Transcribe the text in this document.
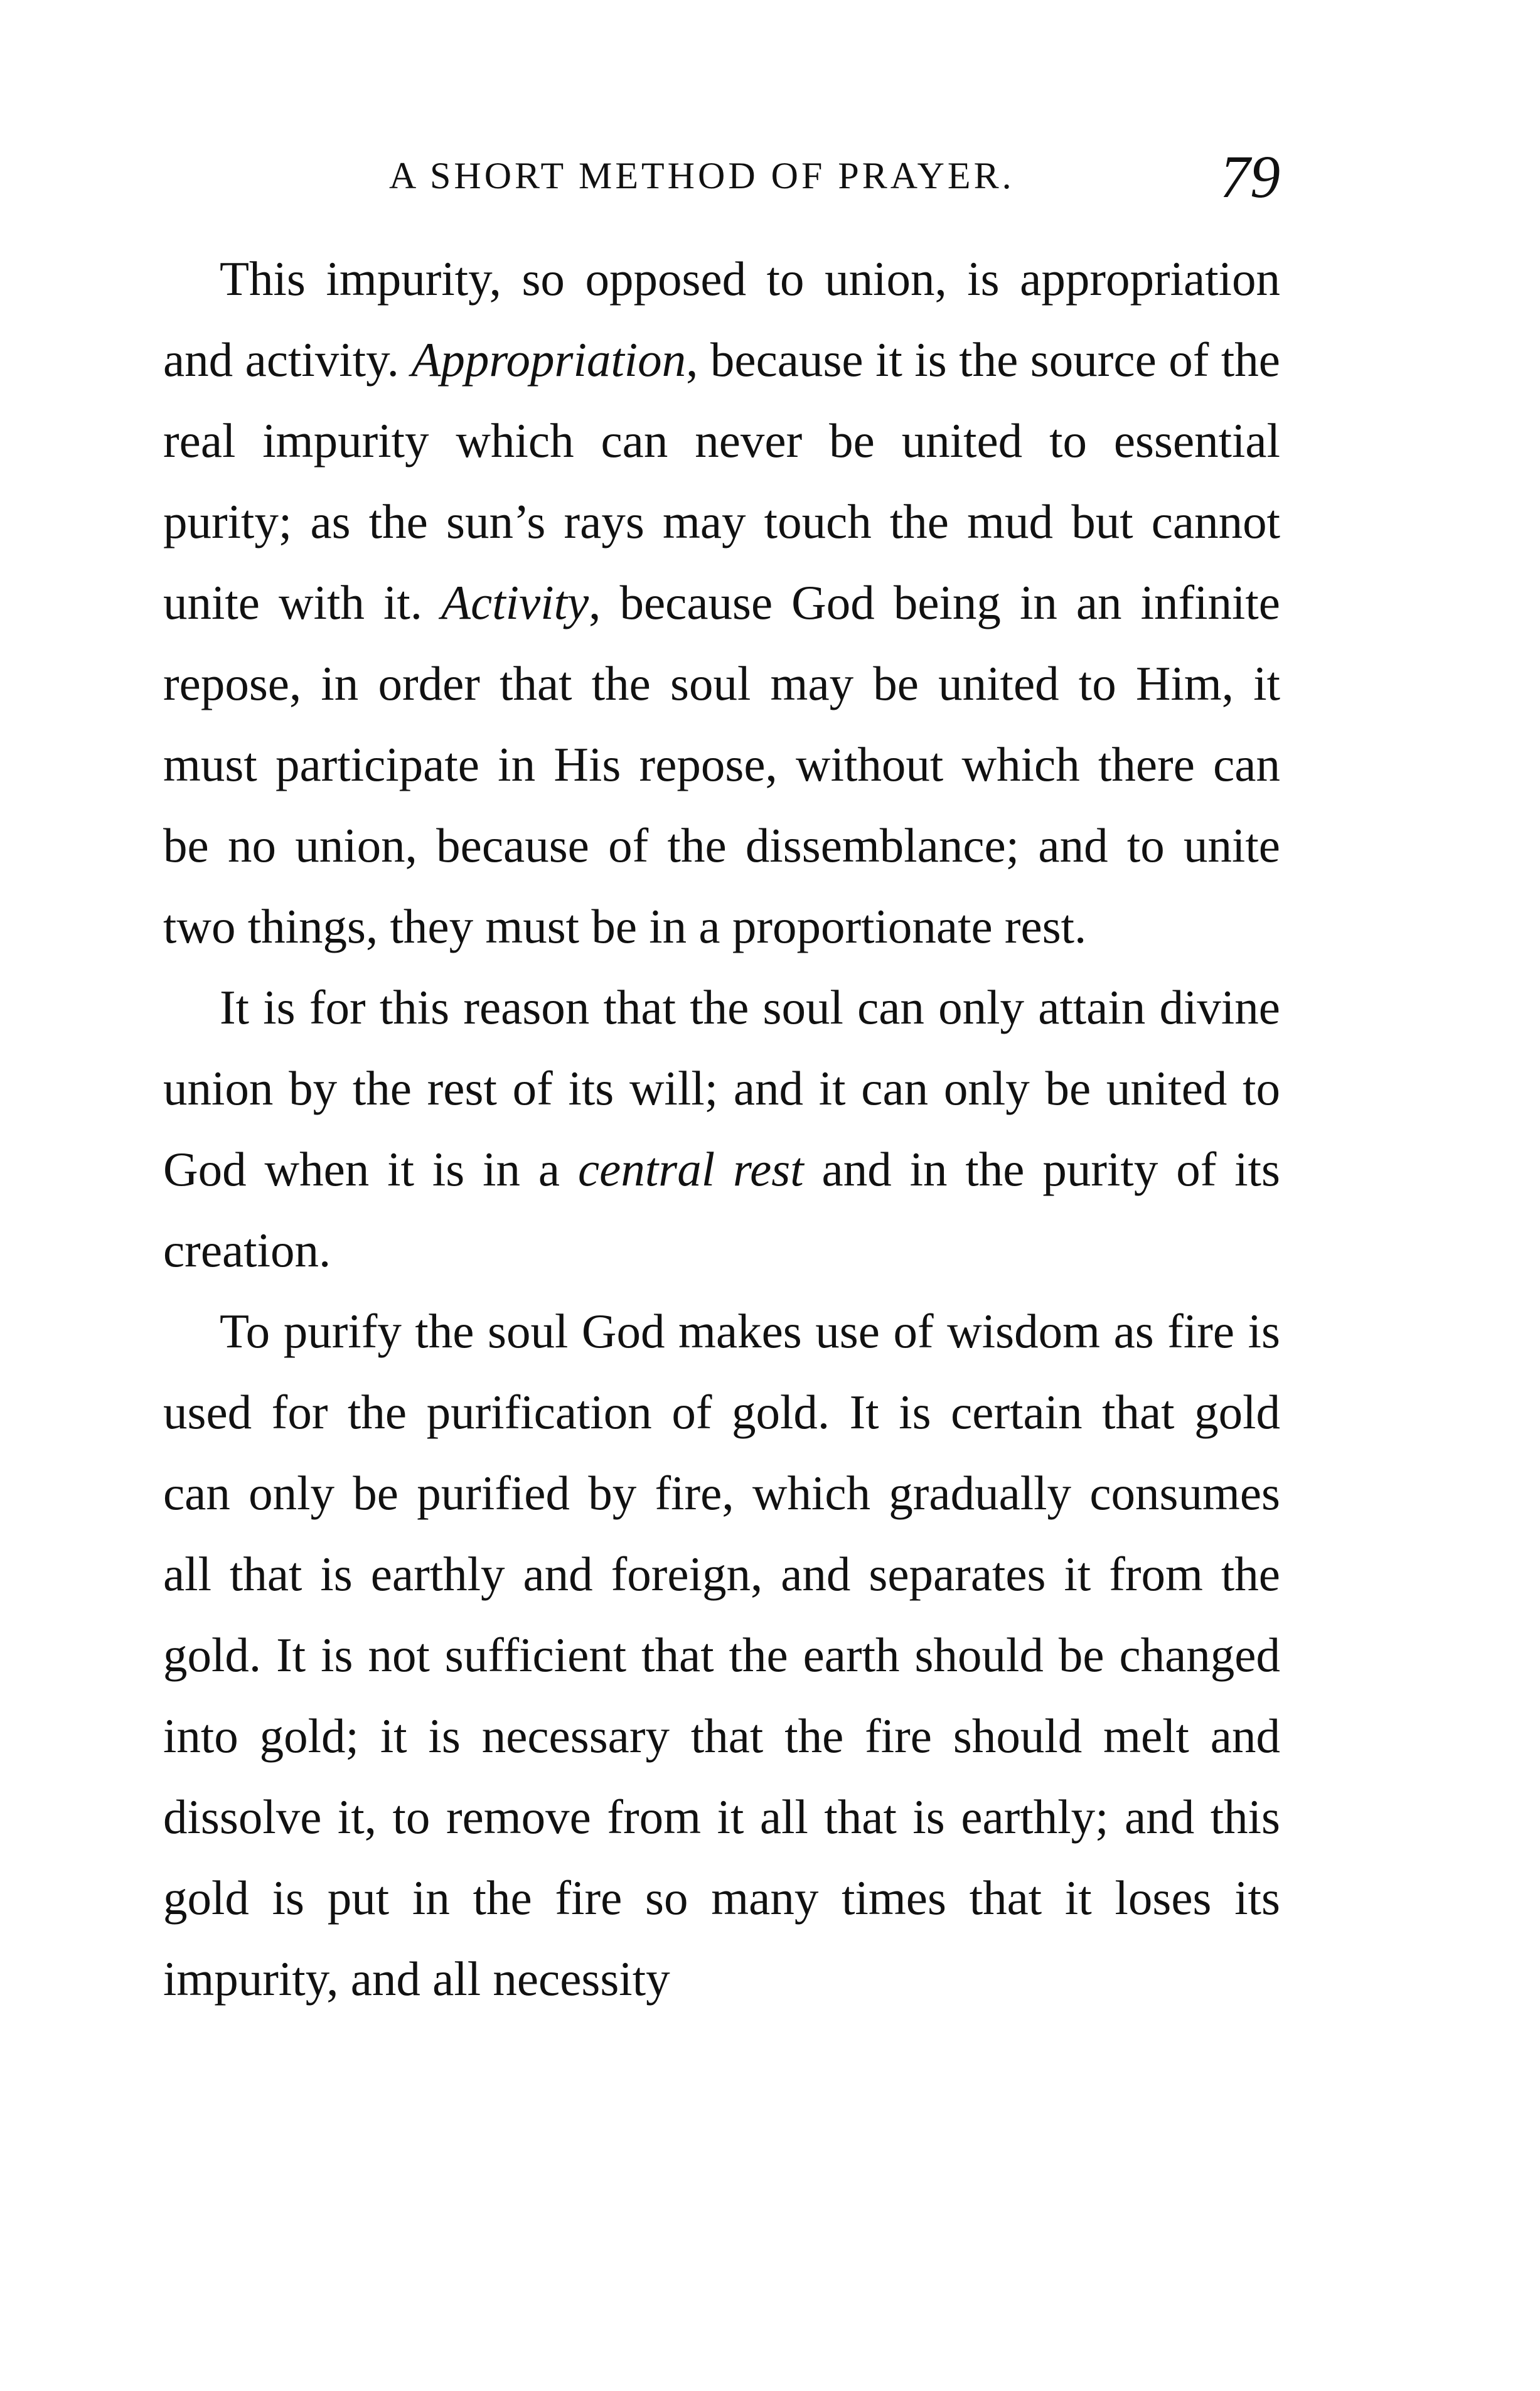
A SHORT METHOD OF PRAYER.	79

This impurity, so opposed to union, is appropriation and activity. Appropriation, because it is the source of the real impurity which can never be united to essential purity; as the sun’s rays may touch the mud but cannot unite with it. Activity, because God being in an infinite repose, in order that the soul may be united to Him, it must participate in His repose, without which there can be no union, because of the dissemblance; and to unite two things, they must be in a proportionate rest.

It is for this reason that the soul can only attain divine union by the rest of its will; and it can only be united to God when it is in a central rest and in the purity of its creation.

To purify the soul God makes use of wisdom as fire is used for the purification of gold. It is certain that gold can only be purified by fire, which gradually consumes all that is earthly and foreign, and separates it from the gold. It is not sufficient that the earth should be changed into gold; it is necessary that the fire should melt and dissolve it, to remove from it all that is earthly; and this gold is put in the fire so many times that it loses its impurity, and all necessity
